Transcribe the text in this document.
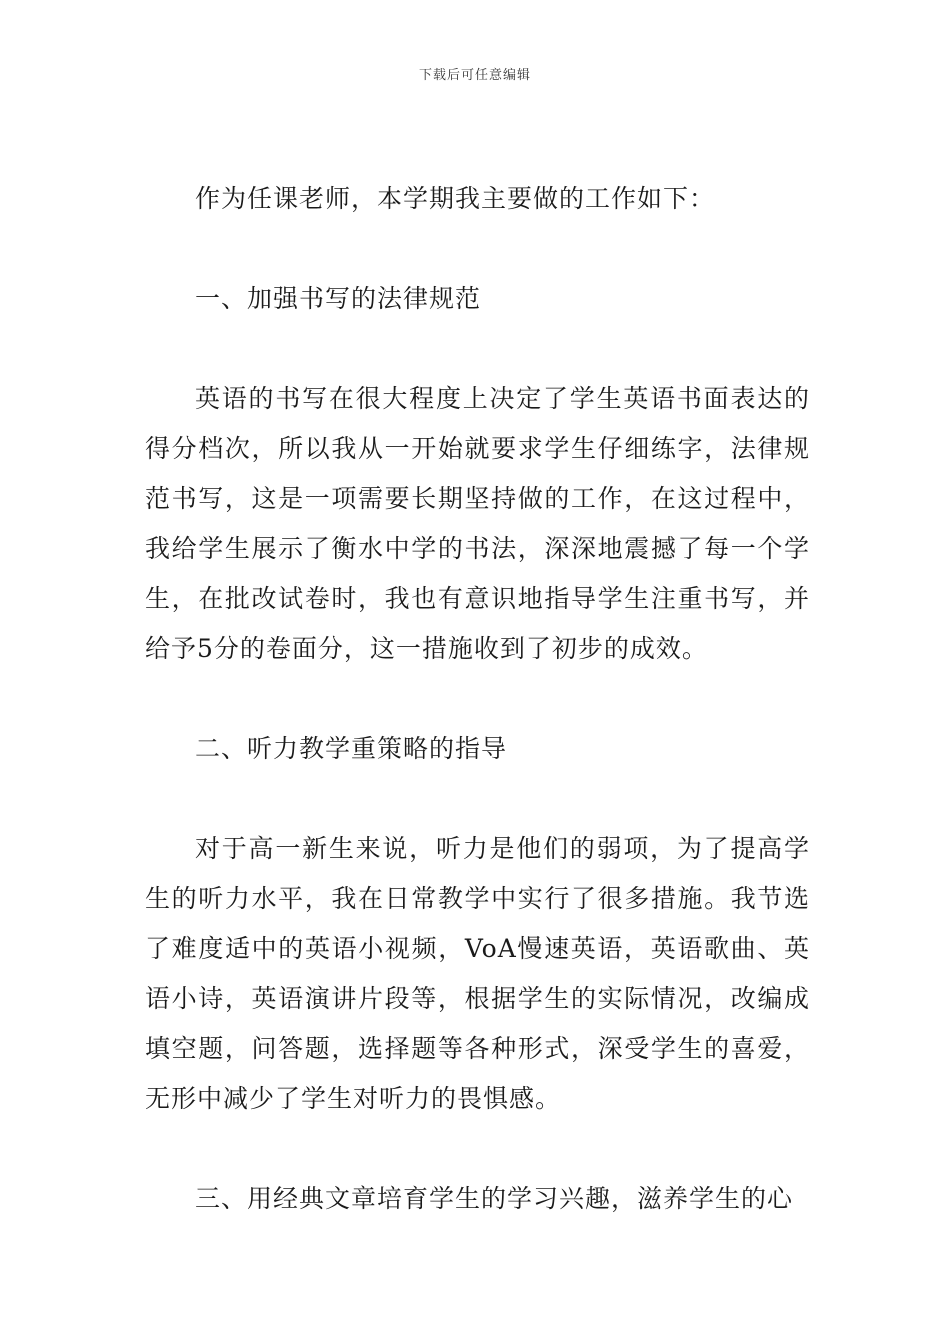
下载后可任意编辑

作为任课老师，本学期我主要做的工作如下：

一、加强书写的法律规范

英语的书写在很大程度上决定了学生英语书面表达的得分档次，所以我从一开始就要求学生仔细练字，法律规范书写，这是一项需要长期坚持做的工作，在这过程中，我给学生展示了衡水中学的书法，深深地震撼了每一个学生，在批改试卷时，我也有意识地指导学生注重书写，并给予5分的卷面分，这一措施收到了初步的成效。

二、听力教学重策略的指导

对于高一新生来说，听力是他们的弱项，为了提高学生的听力水平，我在日常教学中实行了很多措施。我节选了难度适中的英语小视频，VoA慢速英语，英语歌曲、英语小诗，英语演讲片段等，根据学生的实际情况，改编成填空题，问答题，选择题等各种形式，深受学生的喜爱，无形中减少了学生对听力的畏惧感。

三、用经典文章培育学生的学习兴趣，滋养学生的心
